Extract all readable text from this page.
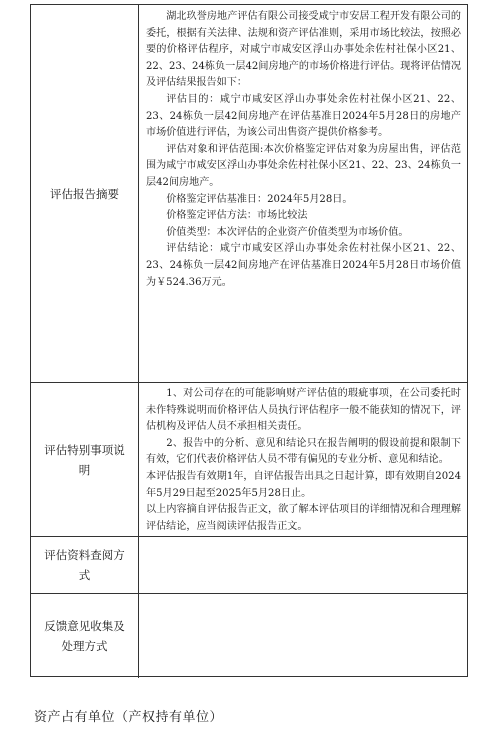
评估报告摘要

湖北玖誉房地产评估有限公司接受咸宁市安居工程开发有限公司的委托，根据有关法律、法规和资产评估准则，采用市场比较法，按照必要的价格评估程序，对咸宁市咸安区浮山办事处余佐村社保小区21、22、23、24栋负一层42间房地产的市场价格进行评估。现将评估情况及评估结果报告如下：

评估目的：咸宁市咸安区浮山办事处余佐村社保小区21、22、23、24栋负一层42间房地产在评估基准日2024年5月28日的房地产市场价值进行评估，为该公司出售资产提供价格参考。

评估对象和评估范围:本次价格鉴定评估对象为房屋出售，评估范围为咸宁市咸安区浮山办事处余佐村社保小区21、22、23、24栋负一层42间房地产。

价格鉴定评估基准日：2024年5月28日。

价格鉴定评估方法：市场比较法

价值类型：本次评估的企业资产价值类型为市场价值。

评估结论：咸宁市咸安区浮山办事处余佐村社保小区21、22、23、24栋负一层42间房地产在评估基准日2024年5月28日市场价值为￥524.36万元。

评估特别事项说明

1、对公司存在的可能影响财产评估值的瑕疵事项，在公司委托时未作特殊说明而价格评估人员执行评估程序一般不能获知的情况下，评估机构及评估人员不承担相关责任。

2、报告中的分析、意见和结论只在报告阐明的假设前提和限制下有效，它们代表价格评估人员不带有偏见的专业分析、意见和结论。

本评估报告有效期1年，自评估报告出具之日起计算，即有效期自2024年5月29日起至2025年5月28日止。

以上内容摘自评估报告正文，欲了解本评估项目的详细情况和合理理解评估结论，应当阅读评估报告正文。

评估资料查阅方式
反馈意见收集及处理方式
资产占有单位（产权持有单位）
